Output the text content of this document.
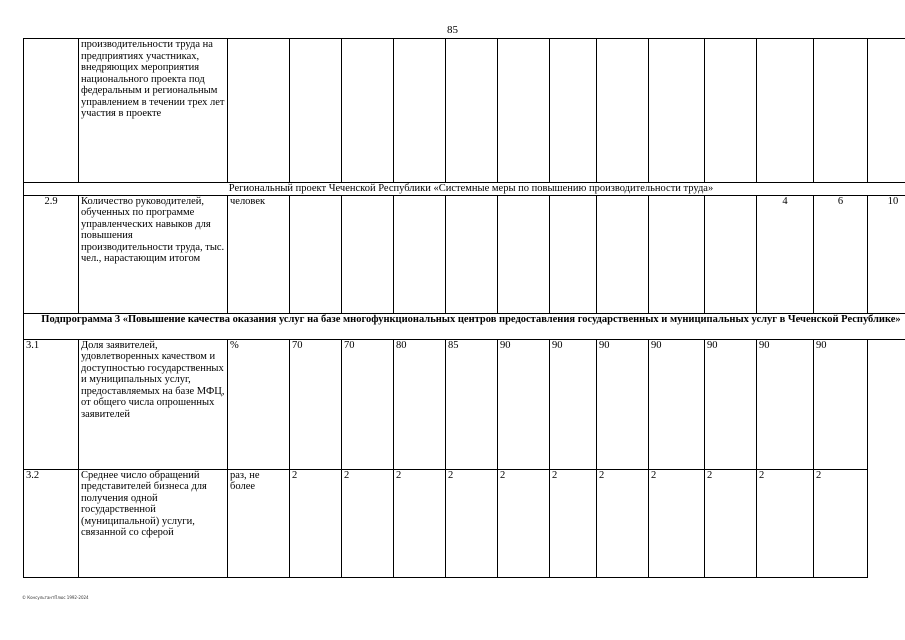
85
	производительности труда на предприятиях участниках, внедряющих мероприятия национального проекта под федеральным и региональным управлением в течении трех лет участия в проекте													
Региональный проект Чеченской Республики «Системные меры по повышению производительности труда»														
2.9	Количество руководителей, обученных по программе управленческих навыков для повышения производительности труда, тыс. чел., нарастающим итогом	человек										4	6	10
Подпрограмма 3 «Повышение качества оказания услуг на базе многофункциональных центров предоставления государственных и муниципальных услуг в Чеченской Республике»														
3.1	Доля заявителей, удовлетворенных качеством и доступностью государственных и муниципальных услуг, предоставляемых на базе МФЦ, от общего числа опрошенных заявителей	%	70	70	80	85	90	90	90	90	90	90	90	
3.2	Среднее число обращений представителей бизнеса для получения одной государственной (муниципальной) услуги, связанной со сферой	раз, не более	2	2	2	2	2	2	2	2	2	2	2	
© КонсультантПлюс 1992-2024
